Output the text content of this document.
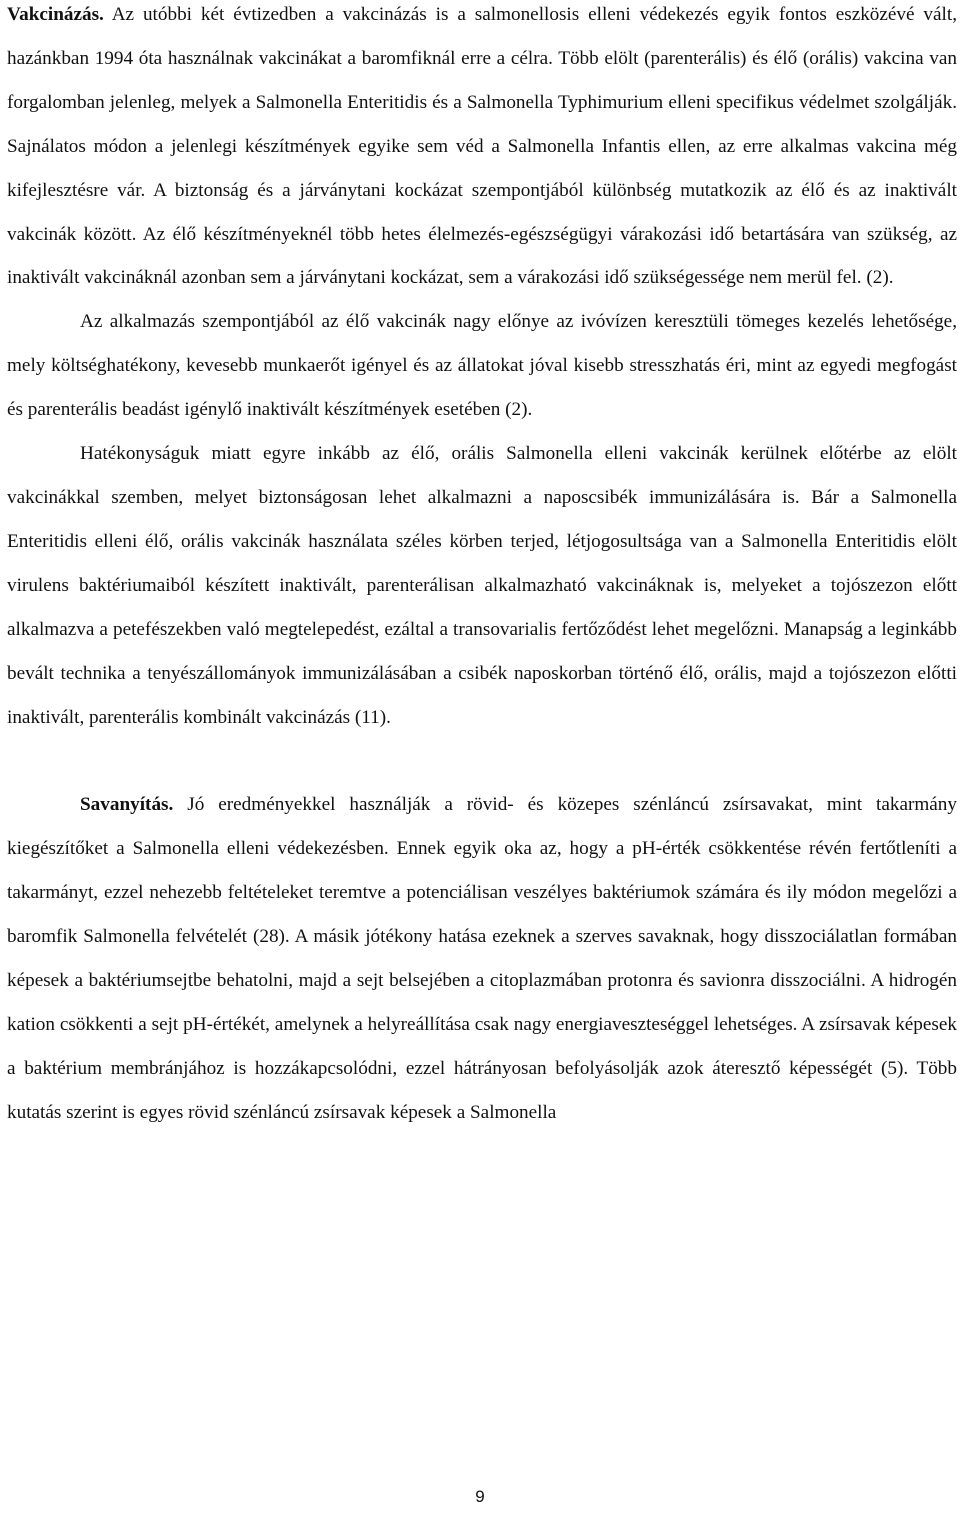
Vakcinázás. Az utóbbi két évtizedben a vakcinázás is a salmonellosis elleni védekezés egyik fontos eszközévé vált, hazánkban 1994 óta használnak vakcinákat a baromfiknál erre a célra. Több elölt (parenterális) és élő (orális) vakcina van forgalomban jelenleg, melyek a Salmonella Enteritidis és a Salmonella Typhimurium elleni specifikus védelmet szolgálják. Sajnálatos módon a jelenlegi készítmények egyike sem véd a Salmonella Infantis ellen, az erre alkalmas vakcina még kifejlesztésre vár. A biztonság és a járványtani kockázat szempontjából különbség mutatkozik az élő és az inaktivált vakcinák között. Az élő készítményeknél több hetes élelmezés-egészségügyi várakozási idő betartására van szükség, az inaktivált vakcináknál azonban sem a járványtani kockázat, sem a várakozási idő szükségessége nem merül fel. (2).

Az alkalmazás szempontjából az élő vakcinák nagy előnye az ivóvízen keresztüli tömeges kezelés lehetősége, mely költséghatékony, kevesebb munkaerőt igényel és az állatokat jóval kisebb stresszhatás éri, mint az egyedi megfogást és parenterális beadást igénylő inaktivált készítmények esetében (2).

Hatékonyságuk miatt egyre inkább az élő, orális Salmonella elleni vakcinák kerülnek előtérbe az elölt vakcinákkal szemben, melyet biztonságosan lehet alkalmazni a naposcsibék immunizálására is. Bár a Salmonella Enteritidis elleni élő, orális vakcinák használata széles körben terjed, létjogosultsága van a Salmonella Enteritidis elölt virulens baktériumaiból készített inaktivált, parenterálisan alkalmazható vakcináknak is, melyeket a tojószezon előtt alkalmazva a petefészekben való megtelepedést, ezáltal a transovarialis fertőződést lehet megelőzni. Manapság a leginkább bevált technika a tenyészállományok immunizálásában a csibék naposkorban történő élő, orális, majd a tojószezon előtti inaktivált, parenterális kombinált vakcinázás (11).

Savanyítás. Jó eredményekkel használják a rövid- és közepes szénláncú zsírsavakat, mint takarmány kiegészítőket a Salmonella elleni védekezésben. Ennek egyik oka az, hogy a pH-érték csökkentése révén fertőtleníti a takarmányt, ezzel nehezebb feltételeket teremtve a potenciálisan veszélyes baktériumok számára és ily módon megelőzi a baromfik Salmonella felvételét (28). A másik jótékony hatása ezeknek a szerves savaknak, hogy disszociálatlan formában képesek a baktériumsejtbe behatolni, majd a sejt belsejében a citoplazmában protonra és savionra disszociálni. A hidrogén kation csökkenti a sejt pH-értékét, amelynek a helyreállítása csak nagy energiaveszteséggel lehetséges. A zsírsavak képesek a baktérium membránjához is hozzákapcsolódni, ezzel hátrányosan befolyásolják azok áteresztő képességét (5). Több kutatás szerint is egyes rövid szénláncú zsírsavak képesek a Salmonella

9
